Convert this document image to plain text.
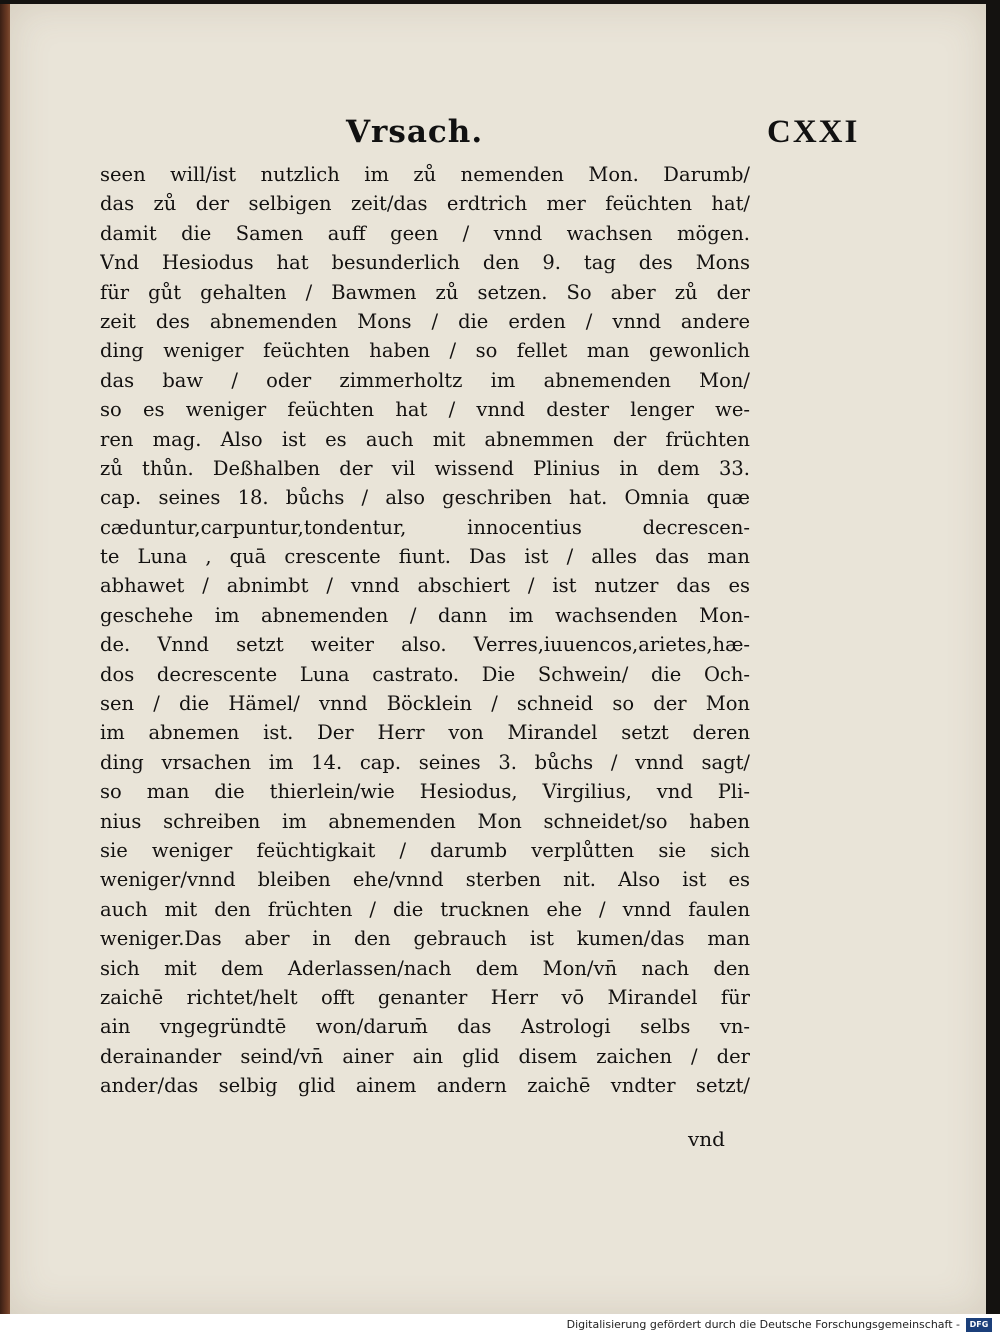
Vrsach.	CXXI
seen will/ist nutzlich im zů nemenden Mon. Darumb/
das zů der selbigen zeit/das erdtrich mer feüchten hat/
damit die Samen auff geen / vnnd wachsen mögen.
Vnd Hesiodus hat besunderlich den 9. tag des Mons
für gůt gehalten / Bawmen zů setzen. So aber zů der
zeit des abnemenden Mons / die erden / vnnd andere
ding weniger feüchten haben / so fellet man gewonlich
das baw / oder zimmerholtz im abnemenden Mon/
so es weniger feüchten hat / vnnd dester lenger we-
ren mag. Also ist es auch mit abnemmen der früchten
zů thůn. Deßhalben der vil wissend Plinius in dem 33.
cap. seines 18. bůchs / also geschriben hat. Omnia quæ
cæduntur,carpuntur,tondentur, innocentius decrescen-
te Luna , quā crescente fiunt. Das ist / alles das man
abhawet / abnimbt / vnnd abschiert / ist nutzer das es
geschehe im abnemenden / dann im wachsenden Mon-
de. Vnnd setzt weiter also. Verres,iuuencos,arietes,hæ-
dos decrescente Luna castrato. Die Schwein/ die Och-
sen / die Hämel/ vnnd Böcklein / schneid so der Mon
im abnemen ist. Der Herr von Mirandel setzt deren
ding vrsachen im 14. cap. seines 3. bůchs / vnnd sagt/
so man die thierlein/wie Hesiodus, Virgilius, vnd Pli-
nius schreiben im abnemenden Mon schneidet/so haben
sie weniger feüchtigkait / darumb verplůtten sie sich
weniger/vnnd bleiben ehe/vnnd sterben nit. Also ist es
auch mit den früchten / die trucknen ehe / vnnd faulen
weniger.Das aber in den gebrauch ist kumen/das man
sich mit dem Aderlassen/nach dem Mon/vn̄ nach den
zaichē richtet/helt offt genanter Herr vō Mirandel für
ain vngegründtē won/darum̄ das Astrologi selbs vn-
derainander seind/vn̄ ainer ain glid disem zaichen / der
ander/das selbig glid ainem andern zaichē vndter setzt/
vnd
Digitalisierung gefördert durch die Deutsche Forschungsgemeinschaft -	DFG
